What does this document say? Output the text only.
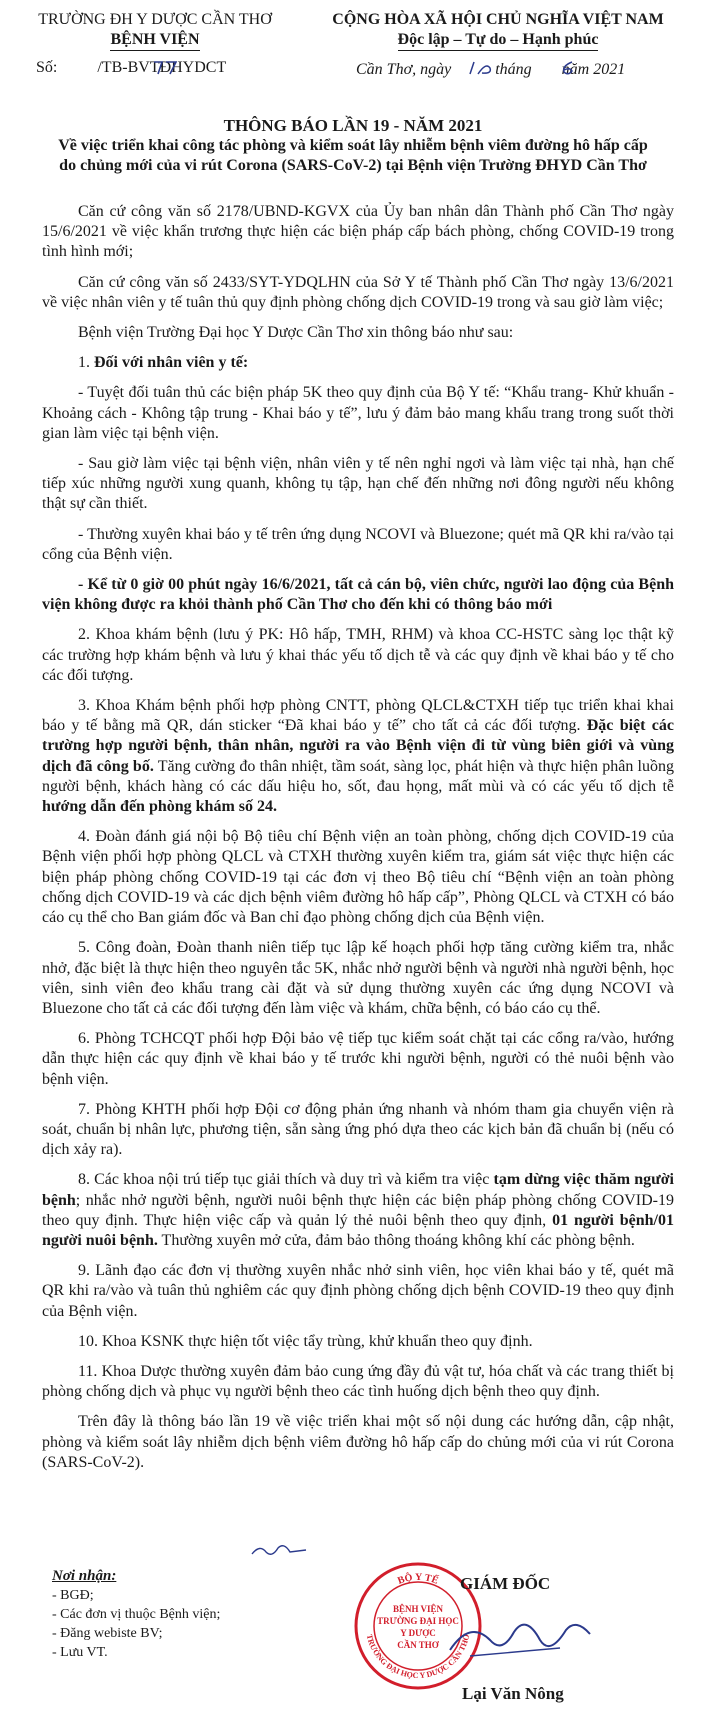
TRƯỜNG ĐH Y DƯỢC CẦN THƠ
BỆNH VIỆN
Số:	/TB-BVTĐHYDCT
CỘNG HÒA XÃ HỘI CHỦ NGHĨA VIỆT NAM
Độc lập – Tự do – Hạnh phúc
Cần Thơ, ngày	tháng năm 2021
THÔNG BÁO LẦN 19 - NĂM 2021
Về việc triển khai công tác phòng và kiểm soát lây nhiễm bệnh viêm đường hô hấp cấp
do chủng mới của vi rút Corona (SARS-CoV-2) tại Bệnh viện Trường ĐHYD Cần Thơ

Căn cứ công văn số 2178/UBND-KGVX của Ủy ban nhân dân Thành phố Cần Thơ ngày 15/6/2021 về việc khẩn trương thực hiện các biện pháp cấp bách phòng, chống COVID-19 trong tình hình mới;

Căn cứ công văn số 2433/SYT-YDQLHN của Sở Y tế Thành phố Cần Thơ ngày 13/6/2021 về việc nhân viên y tế tuân thủ quy định phòng chống dịch COVID-19 trong và sau giờ làm việc;

Bệnh viện Trường Đại học Y Dược Cần Thơ xin thông báo như sau:

1. Đối với nhân viên y tế:

- Tuyệt đối tuân thủ các biện pháp 5K theo quy định của Bộ Y tế: “Khẩu trang- Khử khuẩn - Khoảng cách - Không tập trung - Khai báo y tế”, lưu ý đảm bảo mang khẩu trang trong suốt thời gian làm việc tại bệnh viện.

- Sau giờ làm việc tại bệnh viện, nhân viên y tế nên nghỉ ngơi và làm việc tại nhà, hạn chế tiếp xúc những người xung quanh, không tụ tập, hạn chế đến những nơi đông người nếu không thật sự cần thiết.

- Thường xuyên khai báo y tế trên ứng dụng NCOVI và Bluezone; quét mã QR khi ra/vào tại cổng của Bệnh viện.

- Kể từ 0 giờ 00 phút ngày 16/6/2021, tất cả cán bộ, viên chức, người lao động của Bệnh viện không được ra khỏi thành phố Cần Thơ cho đến khi có thông báo mới

2. Khoa khám bệnh (lưu ý PK: Hô hấp, TMH, RHM) và khoa CC-HSTC sàng lọc thật kỹ các trường hợp khám bệnh và lưu ý khai thác yếu tố dịch tễ và các quy định về khai báo y tế cho các đối tượng.

3. Khoa Khám bệnh phối hợp phòng CNTT, phòng QLCL&CTXH tiếp tục triển khai khai báo y tế bằng mã QR, dán sticker “Đã khai báo y tế” cho tất cả các đối tượng. Đặc biệt các trường hợp người bệnh, thân nhân, người ra vào Bệnh viện đi từ vùng biên giới và vùng dịch đã công bố. Tăng cường đo thân nhiệt, tầm soát, sàng lọc, phát hiện và thực hiện phân luồng người bệnh, khách hàng có các dấu hiệu ho, sốt, đau họng, mất mùi và có các yếu tố dịch tễ hướng dẫn đến phòng khám số 24.

4. Đoàn đánh giá nội bộ Bộ tiêu chí Bệnh viện an toàn phòng, chống dịch COVID-19 của Bệnh viện phối hợp phòng QLCL và CTXH thường xuyên kiểm tra, giám sát việc thực hiện các biện pháp phòng chống COVID-19 tại các đơn vị theo Bộ tiêu chí “Bệnh viện an toàn phòng chống dịch COVID-19 và các dịch bệnh viêm đường hô hấp cấp”, Phòng QLCL và CTXH có báo cáo cụ thể cho Ban giám đốc và Ban chỉ đạo phòng chống dịch của Bệnh viện.

5. Công đoàn, Đoàn thanh niên tiếp tục lập kế hoạch phối hợp tăng cường kiểm tra, nhắc nhở, đặc biệt là thực hiện theo nguyên tắc 5K, nhắc nhở người bệnh và người nhà người bệnh, học viên, sinh viên đeo khẩu trang cài đặt và sử dụng thường xuyên các ứng dụng NCOVI và Bluezone cho tất cả các đối tượng đến làm việc và khám, chữa bệnh, có báo cáo cụ thể.

6. Phòng TCHCQT phối hợp Đội bảo vệ tiếp tục kiểm soát chặt tại các cổng ra/vào, hướng dẫn thực hiện các quy định về khai báo y tế trước khi người bệnh, người có thẻ nuôi bệnh vào bệnh viện.

7. Phòng KHTH phối hợp Đội cơ động phản ứng nhanh và nhóm tham gia chuyển viện rà soát, chuẩn bị nhân lực, phương tiện, sẵn sàng ứng phó dựa theo các kịch bản đã chuẩn bị (nếu có dịch xảy ra).

8. Các khoa nội trú tiếp tục giải thích và duy trì và kiểm tra việc tạm dừng việc thăm người bệnh; nhắc nhở người bệnh, người nuôi bệnh thực hiện các biện pháp phòng chống COVID-19 theo quy định. Thực hiện việc cấp và quản lý thẻ nuôi bệnh theo quy định, 01 người bệnh/01 người nuôi bệnh. Thường xuyên mở cửa, đảm bảo thông thoáng không khí các phòng bệnh.

9. Lãnh đạo các đơn vị thường xuyên nhắc nhở sinh viên, học viên khai báo y tế, quét mã QR khi ra/vào và tuân thủ nghiêm các quy định phòng chống dịch bệnh COVID-19 theo quy định của Bệnh viện.

10. Khoa KSNK thực hiện tốt việc tẩy trùng, khử khuẩn theo quy định.

11. Khoa Dược thường xuyên đảm bảo cung ứng đầy đủ vật tư, hóa chất và các trang thiết bị phòng chống dịch và phục vụ người bệnh theo các tình huống dịch bệnh theo quy định.

Trên đây là thông báo lần 19 về việc triển khai một số nội dung các hướng dẫn, cập nhật, phòng và kiểm soát lây nhiễm dịch bệnh viêm đường hô hấp cấp do chủng mới của vi rút Corona (SARS-CoV-2).

Nơi nhận:
- BGĐ;
- Các đơn vị thuộc Bệnh viện;
- Đăng webiste BV;
- Lưu VT.
BỘ Y TẾ
TRƯỜNG ĐẠI HỌC Y DƯỢC CẦN THƠ
BỆNH VIỆN
TRƯỜNG ĐẠI HỌC
Y DƯỢC
CẦN THƠ
GIÁM ĐỐC
Lại Văn Nông
